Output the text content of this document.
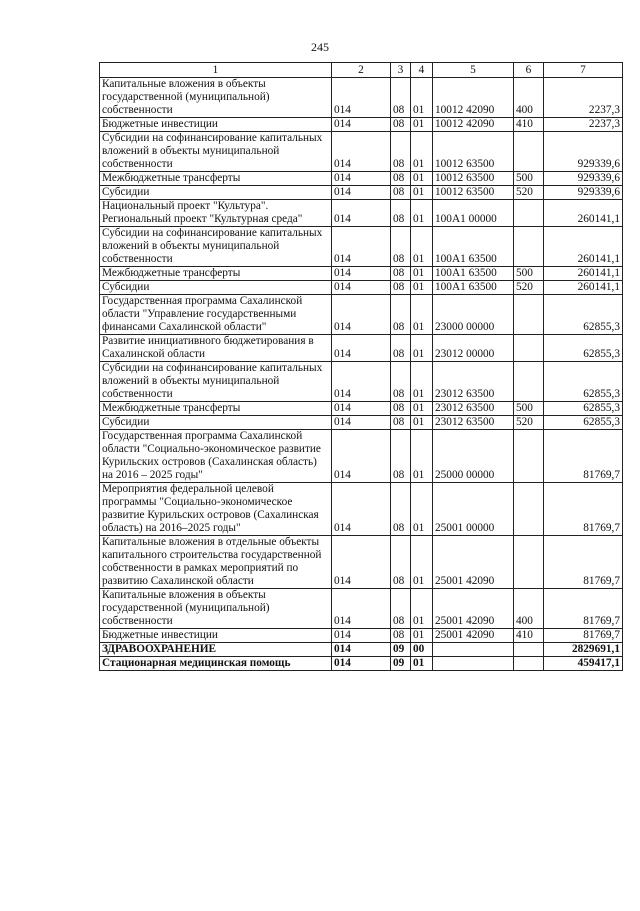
245
1	2	3	4	5	6	7
Капитальные вложения в объекты государственной (муниципальной) собственности	014	08	01	10012 42090	400	2237,3
Бюджетные инвестиции	014	08	01	10012 42090	410	2237,3
Субсидии на софинансирование капитальных вложений в объекты муниципальной собственности	014	08	01	10012 63500		929339,6
Межбюджетные трансферты	014	08	01	10012 63500	500	929339,6
Субсидии	014	08	01	10012 63500	520	929339,6
Национальный проект "Культура". Региональный проект "Культурная среда"	014	08	01	100А1 00000		260141,1
Субсидии на софинансирование капитальных вложений в объекты муниципальной собственности	014	08	01	100А1 63500		260141,1
Межбюджетные трансферты	014	08	01	100А1 63500	500	260141,1
Субсидии	014	08	01	100А1 63500	520	260141,1
Государственная программа Сахалинской области "Управление государственными финансами Сахалинской области"	014	08	01	23000 00000		62855,3
Развитие инициативного бюджетирования в Сахалинской области	014	08	01	23012 00000		62855,3
Субсидии на софинансирование капитальных вложений в объекты муниципальной собственности	014	08	01	23012 63500		62855,3
Межбюджетные трансферты	014	08	01	23012 63500	500	62855,3
Субсидии	014	08	01	23012 63500	520	62855,3
Государственная программа Сахалинской области "Социально-экономическое развитие Курильских островов (Сахалинская область) на 2016 – 2025 годы"	014	08	01	25000 00000		81769,7
Мероприятия федеральной целевой программы "Социально-экономическое развитие Курильских островов (Сахалинская область) на 2016–2025 годы"	014	08	01	25001 00000		81769,7
Капитальные вложения в отдельные объекты капитального строительства государственной собственности в рамках мероприятий по развитию Сахалинской области	014	08	01	25001 42090		81769,7
Капитальные вложения в объекты государственной (муниципальной) собственности	014	08	01	25001 42090	400	81769,7
Бюджетные инвестиции	014	08	01	25001 42090	410	81769,7
ЗДРАВООХРАНЕНИЕ	014	09	00			2829691,1
Стационарная медицинская помощь	014	09	01			459417,1
